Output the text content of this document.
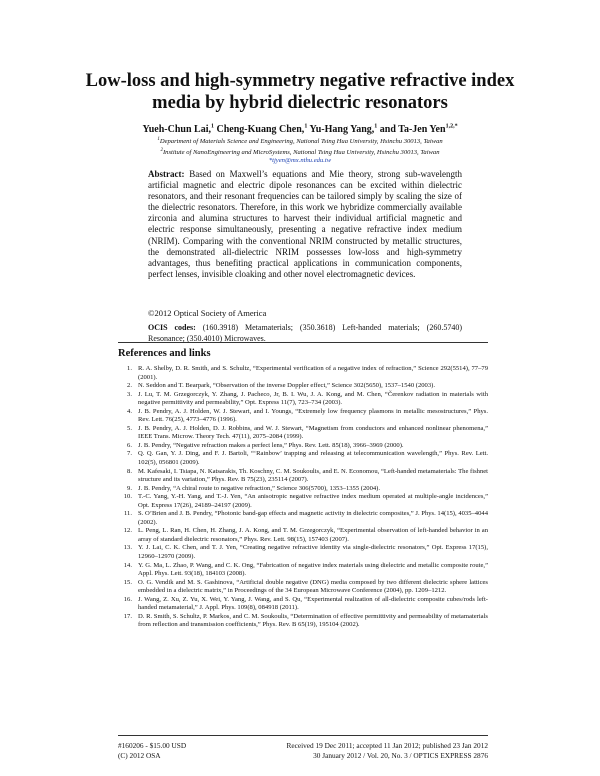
Low-loss and high-symmetry negative refractive index media by hybrid dielectric resonators
Yueh-Chun Lai,$^1$ Cheng-Kuang Chen,$^1$ Yu-Hang Yang,$^1$ and Ta-Jen Yen$^{1,2,*}$
$^1$Department of Materials Science and Engineering, National Tsing Hua University, Hsinchu 30013, Taiwan
$^2$Institute of NanoEngineering and MicroSystems, National Tsing Hua University, Hsinchu 30013, Taiwan
*tjyen@mx.nthu.edu.tw
Abstract: Based on Maxwell’s equations and Mie theory, strong sub-wavelength artificial magnetic and electric dipole resonances can be excited within dielectric resonators, and their resonant frequencies can be tailored simply by scaling the size of the dielectric resonators. Therefore, in this work we hybridize commercially available zirconia and alumina structures to harvest their individual artificial magnetic and electric response simultaneously, presenting a negative refractive index medium (NRIM). Comparing with the conventional NRIM constructed by metallic structures, the demonstrated all-dielectric NRIM possesses low-loss and high-symmetry advantages, thus benefiting practical applications in communication components, perfect lenses, invisible cloaking and other novel electromagnetic devices.
©2012 Optical Society of America
OCIS codes: (160.3918) Metamaterials; (350.3618) Left-handed materials; (260.5740) Resonance; (350.4010) Microwaves.
References and links
1. R. A. Shelby, D. R. Smith, and S. Schultz, “Experimental verification of a negative index of refraction,” Science 292(5514), 77–79 (2001).
2. N. Seddon and T. Bearpark, “Observation of the inverse Doppler effect,” Science 302(5650), 1537–1540 (2003).
3. J. Lu, T. M. Grzegorczyk, Y. Zhang, J. Pacheco, Jr, B. I. Wu, J. A. Kong, and M. Chen, “Čerenkov radiation in materials with negative permittivity and permeability,” Opt. Express 11(7), 723–734 (2003).
4. J. B. Pendry, A. J. Holden, W. J. Stewart, and I. Youngs, “Extremely low frequency plasmons in metallic mesostructures,” Phys. Rev. Lett. 76(25), 4773–4776 (1996).
5. J. B. Pendry, A. J. Holden, D. J. Robbins, and W. J. Stewart, “Magnetism from conductors and enhanced nonlinear phenomena,” IEEE Trans. Microw. Theory Tech. 47(11), 2075–2084 (1999).
6. J. B. Pendry, “Negative refraction makes a perfect lens,” Phys. Rev. Lett. 85(18), 3966–3969 (2000).
7. Q. Q. Gan, Y. J. Ding, and F. J. Bartoli, “‘Rainbow’ trapping and releasing at telecommunication wavelength,” Phys. Rev. Lett. 102(5), 056801 (2009).
8. M. Kafesaki, I. Tsiapa, N. Katsarakis, Th. Koschny, C. M. Soukoulis, and E. N. Economou, “Left-handed metamaterials: The fishnet structure and its variation,” Phys. Rev. B 75(23), 235114 (2007).
9. J. B. Pendry, “A chiral route to negative refraction,” Science 306(5700), 1353–1355 (2004).
10. T.-C. Yang, Y.-H. Yang, and T.-J. Yen, “An anisotropic negative refractive index medium operated at multiple-angle incidences,” Opt. Express 17(26), 24189–24197 (2009).
11. S. O’Brien and J. B. Pendry, “Photonic band-gap effects and magnetic activity in dielectric composites,” J. Phys. 14(15), 4035–4044 (2002).
12. L. Peng, L. Ran, H. Chen, H. Zhang, J. A. Kong, and T. M. Grzegorczyk, “Experimental observation of left-handed behavior in an array of standard dielectric resonators,” Phys. Rev. Lett. 98(15), 157403 (2007).
13. Y. J. Lai, C. K. Chen, and T. J. Yen, “Creating negative refractive identity via single-dielectric resonators,” Opt. Express 17(15), 12960–12970 (2009).
14. Y. G. Ma, L. Zhao, P. Wang, and C. K. Ong, “Fabrication of negative index materials using dielectric and metallic composite route,” Appl. Phys. Lett. 93(18), 184103 (2008).
15. O. G. Vendik and M. S. Gashinova, “Artificial double negative (DNG) media composed by two different dielectric sphere lattices embedded in a dielectric matrix,” in Proceedings of the 34 European Microwave Conference (2004), pp. 1209–1212.
16. J. Wang, Z. Xu, Z. Yu, X. Wei, Y. Yang, J. Wang, and S. Qu, “Experimental realization of all-dielectric composite cubes/rods left-handed metamaterial,” J. Appl. Phys. 109(8), 084918 (2011).
17. D. R. Smith, S. Schultz, P. Markos, and C. M. Soukoulis, “Determination of effective permittivity and permeability of metamaterials from reflection and transmission coefficients,” Phys. Rev. B 65(19), 195104 (2002).
#160206 - $15.00 USD
(C) 2012 OSA
Received 19 Dec 2011; accepted 11 Jan 2012; published 23 Jan 2012
30 January 2012 / Vol. 20, No. 3 / OPTICS EXPRESS 2876
